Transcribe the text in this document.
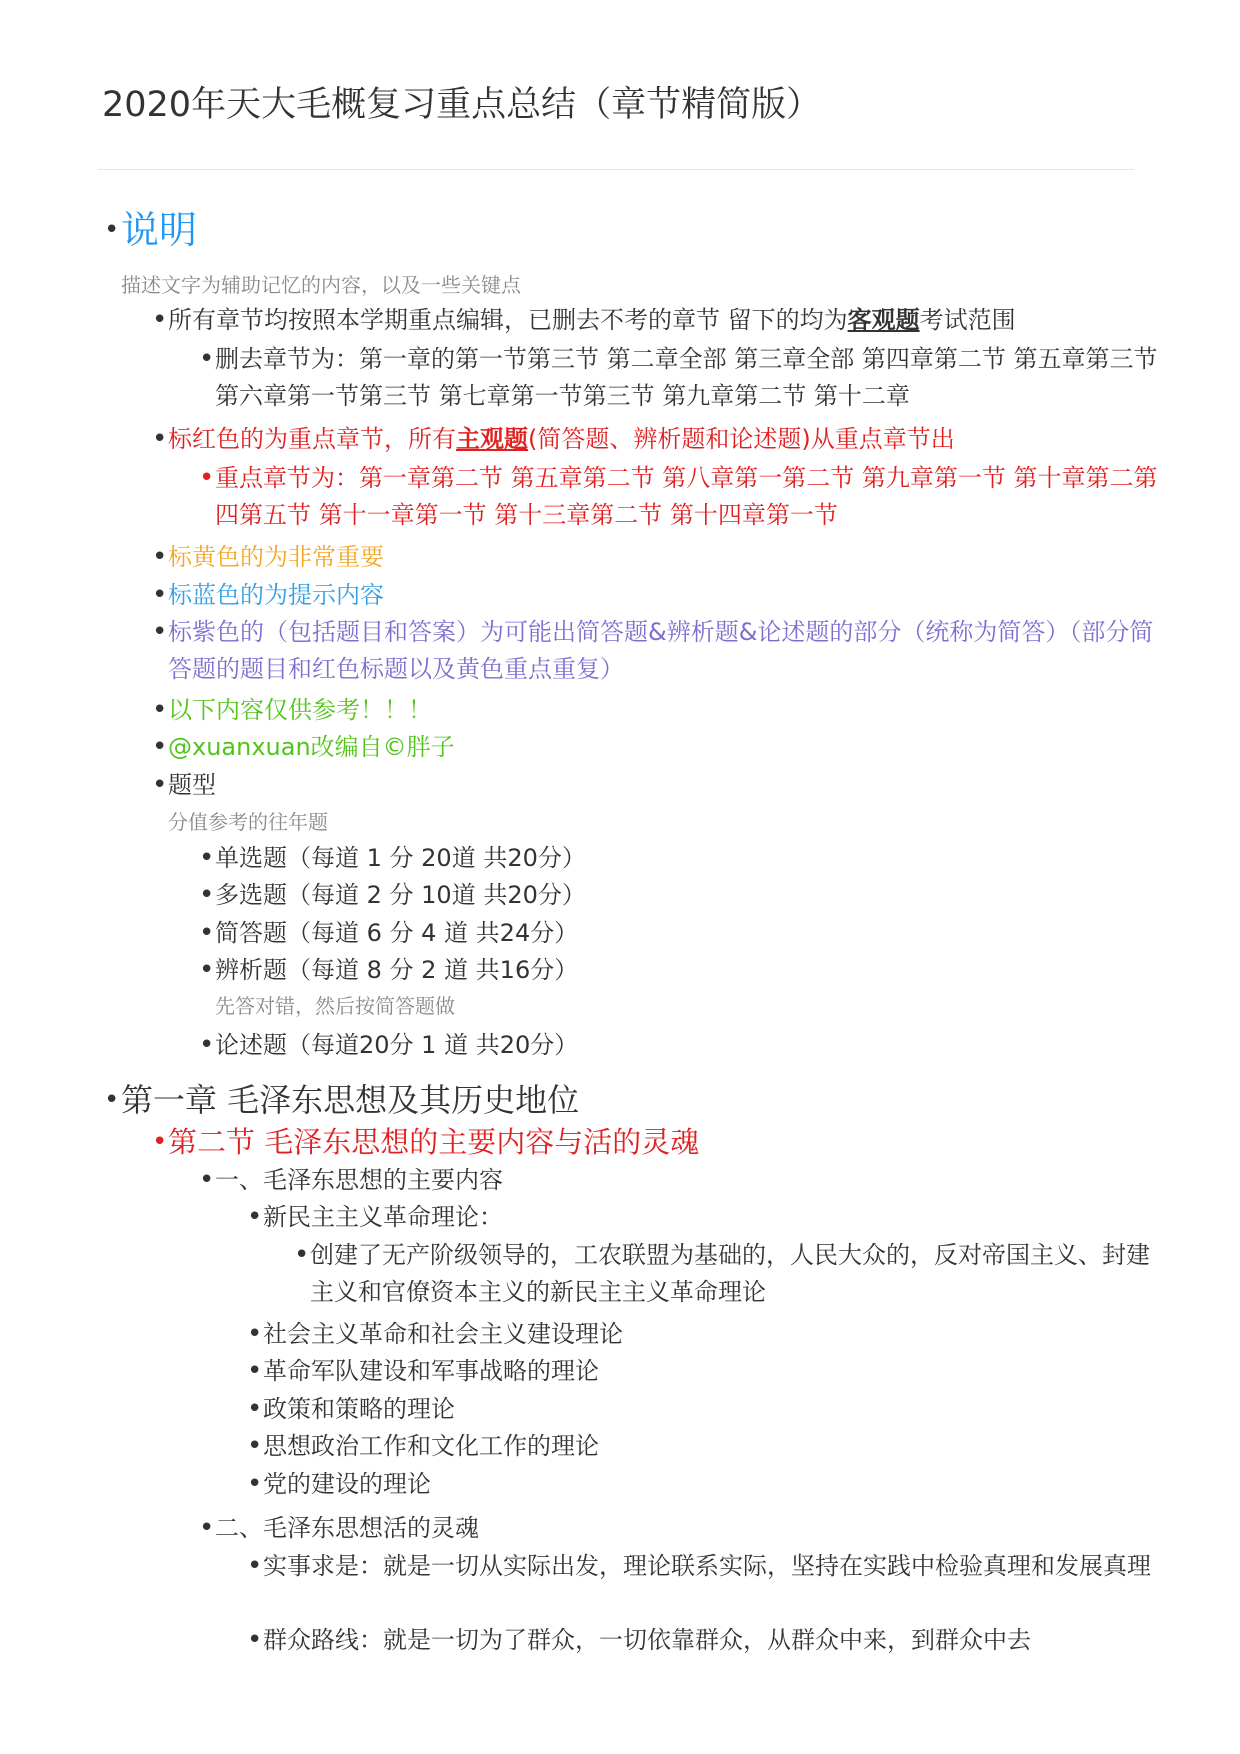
2020年天大毛概复习重点总结（章节精简版）
• 说明
描述文字为辅助记忆的内容，以及一些关键点
• 所有章节均按照本学期重点编辑，已删去不考的章节 留下的均为客观题考试范围
• 删去章节为：第一章的第一节第三节 第二章全部 第三章全部 第四章第二节 第五章第三节 第六章第一节第三节 第七章第一节第三节 第九章第二节 第十二章
• 标红色的为重点章节，所有主观题(简答题、辨析题和论述题)从重点章节出
• 重点章节为：第一章第二节 第五章第二节 第八章第一第二节 第九章第一节 第十章第二第四第五节 第十一章第一节 第十三章第二节 第十四章第一节
• 标黄色的为非常重要
• 标蓝色的为提示内容
• 标紫色的（包括题目和答案）为可能出简答题&辨析题&论述题的部分（统称为简答）（部分简答题的题目和红色标题以及黄色重点重复）
• 以下内容仅供参考！！！
• @xuanxuan改编自©胖子
• 题型
分值参考的往年题
• 单选题（每道 1 分 20道 共20分）
• 多选题（每道 2 分 10道 共20分）
• 简答题（每道 6 分 4 道 共24分）
• 辨析题（每道 8 分 2 道 共16分）
先答对错，然后按简答题做
• 论述题（每道20分 1 道 共20分）
• 第一章 毛泽东思想及其历史地位
• 第二节 毛泽东思想的主要内容与活的灵魂
• 一、毛泽东思想的主要内容
• 新民主主义革命理论：
• 创建了无产阶级领导的，工农联盟为基础的，人民大众的，反对帝国主义、封建主义和官僚资本主义的新民主主义革命理论
• 社会主义革命和社会主义建设理论
• 革命军队建设和军事战略的理论
• 政策和策略的理论
• 思想政治工作和文化工作的理论
• 党的建设的理论
• 二、毛泽东思想活的灵魂
• 实事求是：就是一切从实际出发，理论联系实际，坚持在实践中检验真理和发展真理
• 群众路线：就是一切为了群众，一切依靠群众，从群众中来，到群众中去
